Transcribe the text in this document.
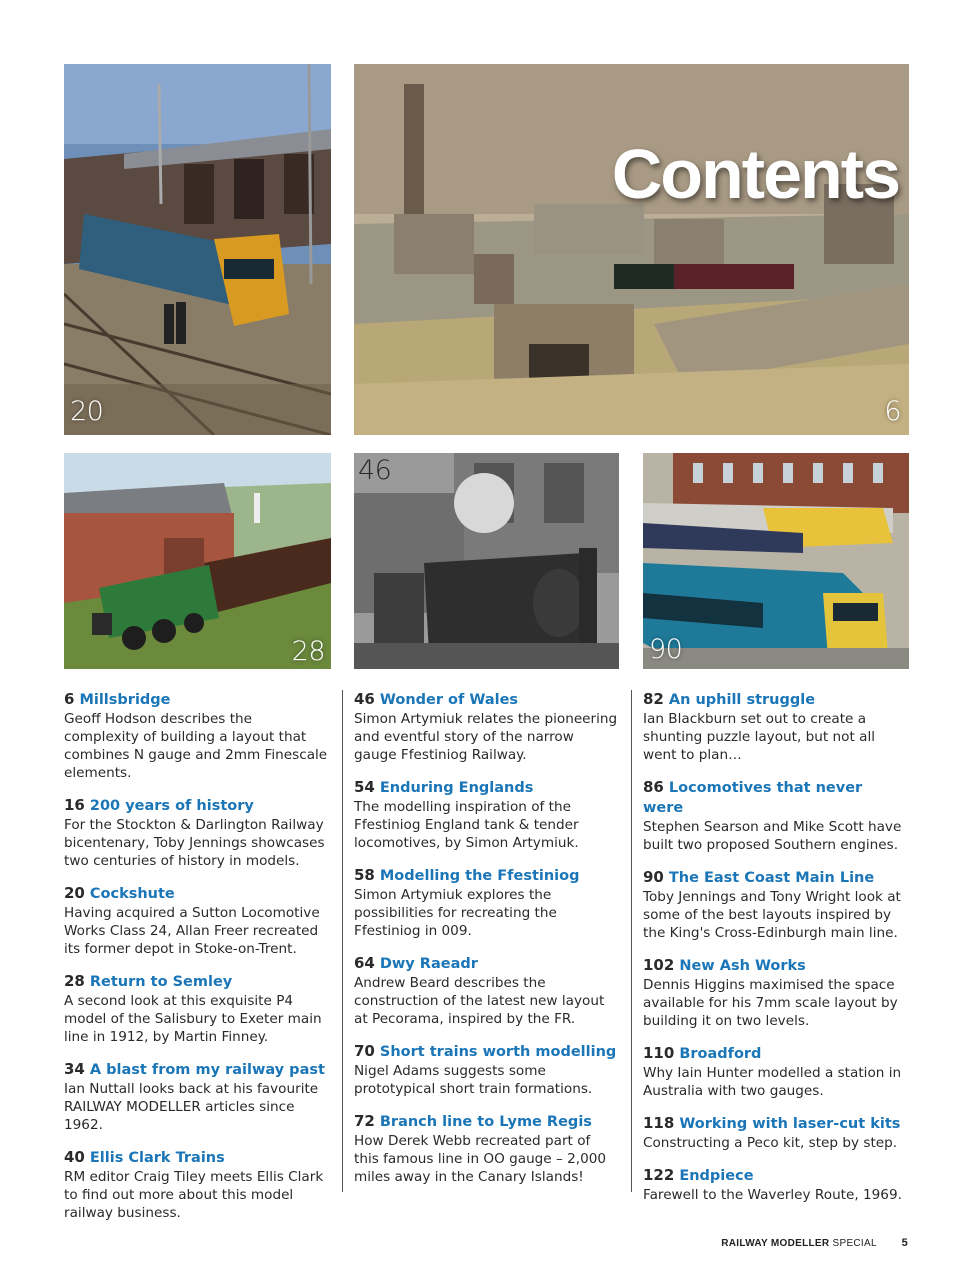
20
Contents
6
28
46
90
6 Millsbridge
Geoff Hodson describes the complexity of building a layout that combines N gauge and 2mm Finescale elements.
16 200 years of history
For the Stockton & Darlington Railway bicentenary, Toby Jennings showcases two centuries of history in models.
20 Cockshute
Having acquired a Sutton Locomotive Works Class 24, Allan Freer recreated its former depot in Stoke-on-Trent.
28 Return to Semley
A second look at this exquisite P4 model of the Salisbury to Exeter main line in 1912, by Martin Finney.
34 A blast from my railway past
Ian Nuttall looks back at his favourite RAILWAY MODELLER articles since 1962.
40 Ellis Clark Trains
RM editor Craig Tiley meets Ellis Clark to find out more about this model railway business.
46 Wonder of Wales
Simon Artymiuk relates the pioneering and eventful story of the narrow gauge Ffestiniog Railway.
54 Enduring Englands
The modelling inspiration of the Ffestiniog England tank & tender locomotives, by Simon Artymiuk.
58 Modelling the Ffestiniog
Simon Artymiuk explores the possibilities for recreating the Ffestiniog in 009.
64 Dwy Raeadr
Andrew Beard describes the construction of the latest new layout at Pecorama, inspired by the FR.
70 Short trains worth modelling
Nigel Adams suggests some prototypical short train formations.
72 Branch line to Lyme Regis
How Derek Webb recreated part of this famous line in OO gauge – 2,000 miles away in the Canary Islands!
82 An uphill struggle
Ian Blackburn set out to create a shunting puzzle layout, but not all went to plan…
86 Locomotives that never were
Stephen Searson and Mike Scott have built two proposed Southern engines.
90 The East Coast Main Line
Toby Jennings and Tony Wright look at some of the best layouts inspired by the King's Cross-Edinburgh main line.
102 New Ash Works
Dennis Higgins maximised the space available for his 7mm scale layout by building it on two levels.
110 Broadford
Why Iain Hunter modelled a station in Australia with two gauges.
118 Working with laser-cut kits
Constructing a Peco kit, step by step.
122 Endpiece
Farewell to the Waverley Route, 1969.
RAILWAY MODELLER SPECIAL 5
